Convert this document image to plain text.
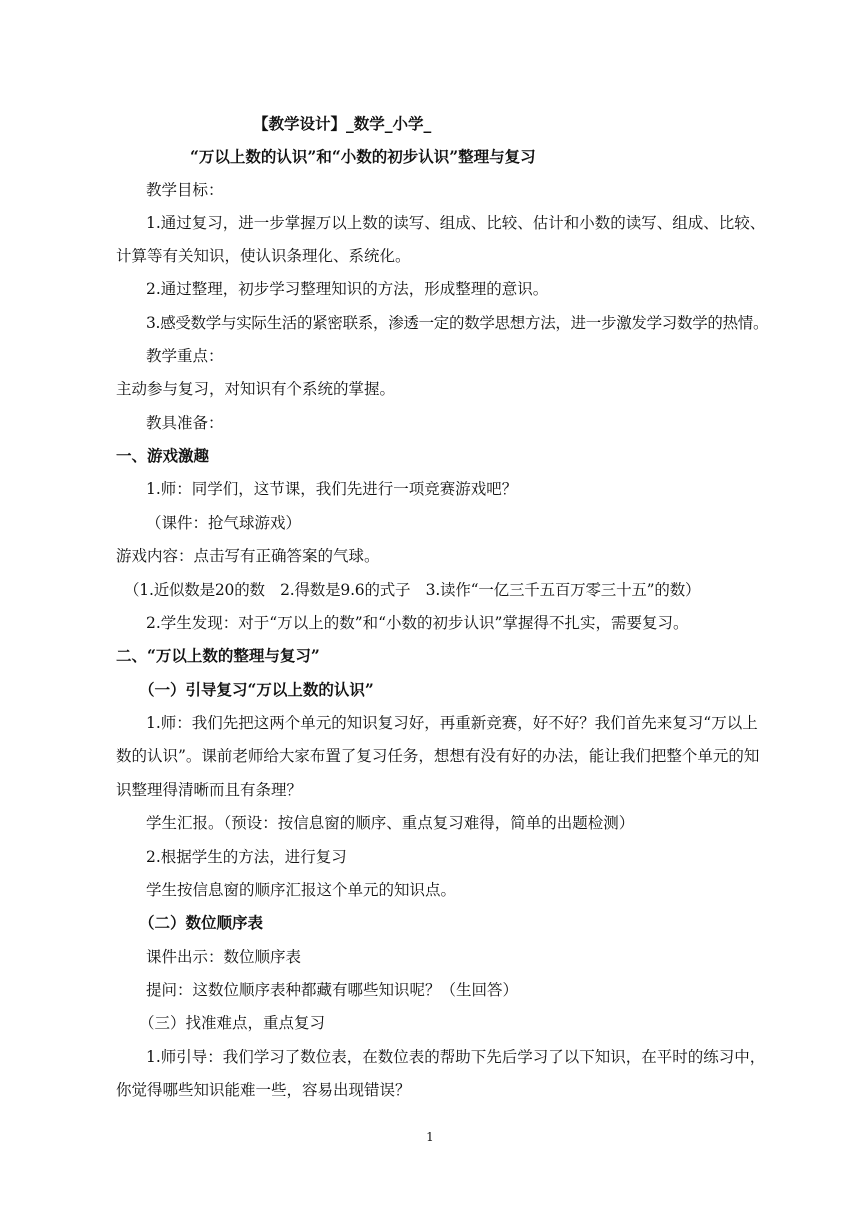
【教学设计】_数学_小学_
“万以上数的认识”和“小数的初步认识”整理与复习
教学目标：
1.通过复习，进一步掌握万以上数的读写、组成、比较、估计和小数的读写、组成、比较、
计算等有关知识，使认识条理化、系统化。
2.通过整理，初步学习整理知识的方法，形成整理的意识。
3.感受数学与实际生活的紧密联系，渗透一定的数学思想方法，进一步激发学习数学的热情。
教学重点：
主动参与复习，对知识有个系统的掌握。
教具准备：
一、游戏激趣
1.师：同学们，这节课，我们先进行一项竞赛游戏吧？
（课件：抢气球游戏）
游戏内容：点击写有正确答案的气球。
（1.近似数是20的数　2.得数是9.6的式子　3.读作“一亿三千五百万零三十五”的数）
2.学生发现：对于“万以上的数”和“小数的初步认识”掌握得不扎实，需要复习。
二、“万以上数的整理与复习”
（一）引导复习“万以上数的认识”
1.师：我们先把这两个单元的知识复习好，再重新竞赛，好不好？我们首先来复习“万以上
数的认识”。课前老师给大家布置了复习任务，想想有没有好的办法，能让我们把整个单元的知
识整理得清晰而且有条理？
学生汇报。（预设：按信息窗的顺序、重点复习难得，简单的出题检测）
2.根据学生的方法，进行复习
学生按信息窗的顺序汇报这个单元的知识点。
（二）数位顺序表
课件出示：数位顺序表
提问：这数位顺序表种都藏有哪些知识呢？（生回答）
（三）找准难点，重点复习
1.师引导：我们学习了数位表，在数位表的帮助下先后学习了以下知识，在平时的练习中，
你觉得哪些知识能难一些，容易出现错误？
1
